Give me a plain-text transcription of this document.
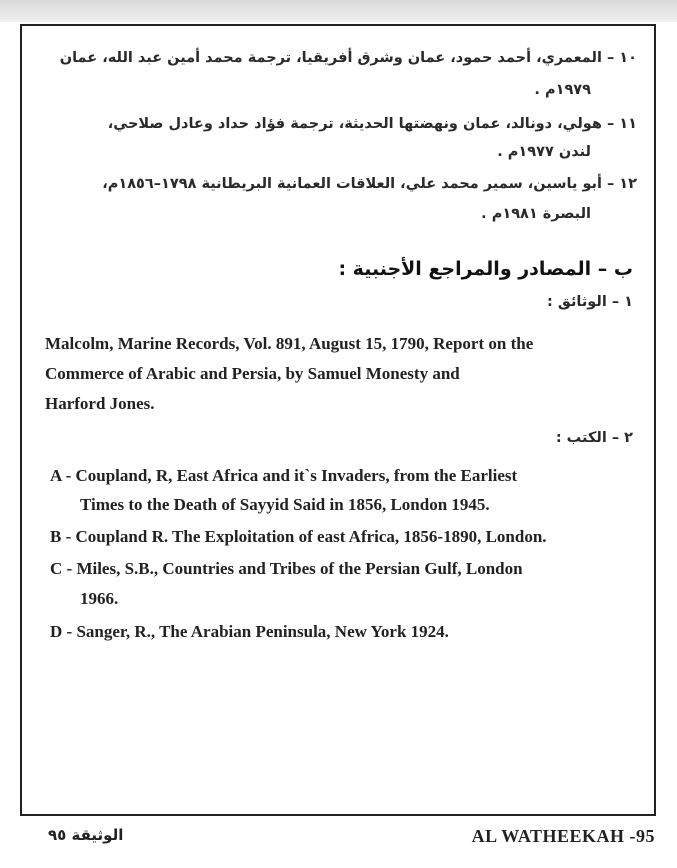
١٠ – المعمري، أحمد حمود، عمان وشرق أفريقيا، ترجمة محمد أمين عبد الله، عمان
١٩٧٩م .
١١ – هولي، دونالد، عمان ونهضتها الحديثة، ترجمة فؤاد حداد وعادل صلاحي،
لندن ١٩٧٧م .
١٢ – أبو ياسين، سمير محمد علي، العلاقات العمانية البريطانية ١٧٩٨–١٨٥٦م،
البصرة ١٩٨١م .
ب – المصادر والمراجع الأجنبية :
١ – الوثائق :
Malcolm, Marine Records, Vol. 891, August 15, 1790, Report on the
Commerce of Arabic and Persia, by Samuel Monesty and
Harford Jones.
٢ – الكتب :
A - Coupland, R, East Africa and it`s Invaders, from the Earliest
Times to the Death of Sayyid Said in 1856, London 1945.
B - Coupland R. The Exploitation of east Africa, 1856-1890, London.
C - Miles, S.B., Countries and Tribes of the Persian Gulf, London
1966.
D - Sanger, R., The Arabian Peninsula, New York 1924.
الوثيقة ٩٥	AL WATHEEKAH -95
